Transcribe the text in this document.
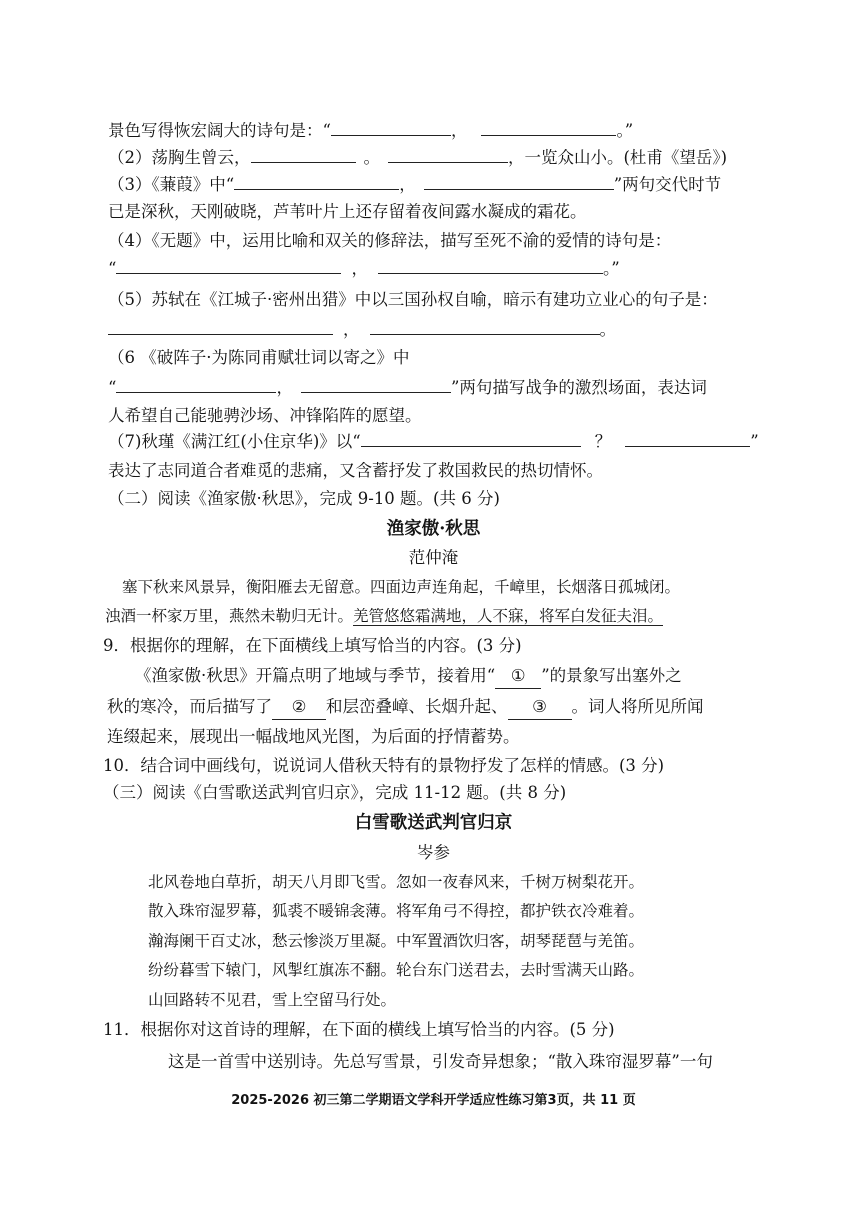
景色写得恢宏阔大的诗句是：“	，	。”
（2）荡胸生曾云，	。	，一览众山小。(杜甫《望岳》)
（3）《蒹葭》中“	，	”两句交代时节
已是深秋，天刚破晓，芦苇叶片上还存留着夜间露水凝成的霜花。
（4）《无题》中，运用比喻和双关的修辞法，描写至死不渝的爱情的诗句是：
“	，	。”
（5）苏轼在《江城子·密州出猎》中以三国孙权自喻，暗示有建功立业心的句子是：
，	。
（6 《破阵子·为陈同甫赋壮词以寄之》中
“	，	”两句描写战争的激烈场面，表达词
人希望自己能驰骋沙场、冲锋陷阵的愿望。
（7)秋瑾《满江红(小住京华)》以“	？	”
表达了志同道合者难觅的悲痛，又含蓄抒发了救国救民的热切情怀。
（二）阅读《渔家傲·秋思》，完成 9-10 题。(共 6 分)
渔家傲·秋思
范仲淹
塞下秋来风景异，衡阳雁去无留意。四面边声连角起，千嶂里，长烟落日孤城闭。
浊酒一杯家万里，燕然未勒归无计。羌管悠悠霜满地，人不寐，将军白发征夫泪。
9．根据你的理解，在下面横线上填写恰当的内容。(3 分)
《渔家傲·秋思》开篇点明了地域与季节，接着用“ ① ”的景象写出塞外之
秋的寒冷，而后描写了 ② 和层峦叠嶂、长烟升起、 ③ 。词人将所见所闻
连缀起来，展现出一幅战地风光图，为后面的抒情蓄势。
10．结合词中画线句，说说词人借秋天特有的景物抒发了怎样的情感。(3 分)
（三）阅读《白雪歌送武判官归京》，完成 11-12 题。(共 8 分)
白雪歌送武判官归京
岑参
北风卷地白草折，胡天八月即飞雪。忽如一夜春风来，千树万树梨花开。
散入珠帘湿罗幕，狐裘不暖锦衾薄。将军角弓不得控，都护铁衣冷难着。
瀚海阑干百丈冰，愁云惨淡万里凝。中军置酒饮归客，胡琴琵琶与羌笛。
纷纷暮雪下辕门，风掣红旗冻不翻。轮台东门送君去，去时雪满天山路。
山回路转不见君，雪上空留马行处。
11．根据你对这首诗的理解，在下面的横线上填写恰当的内容。(5 分)
这是一首雪中送别诗。先总写雪景，引发奇异想象；“散入珠帘湿罗幕”一句
2025-2026 初三第二学期语文学科开学适应性练习第3页，共 11 页
